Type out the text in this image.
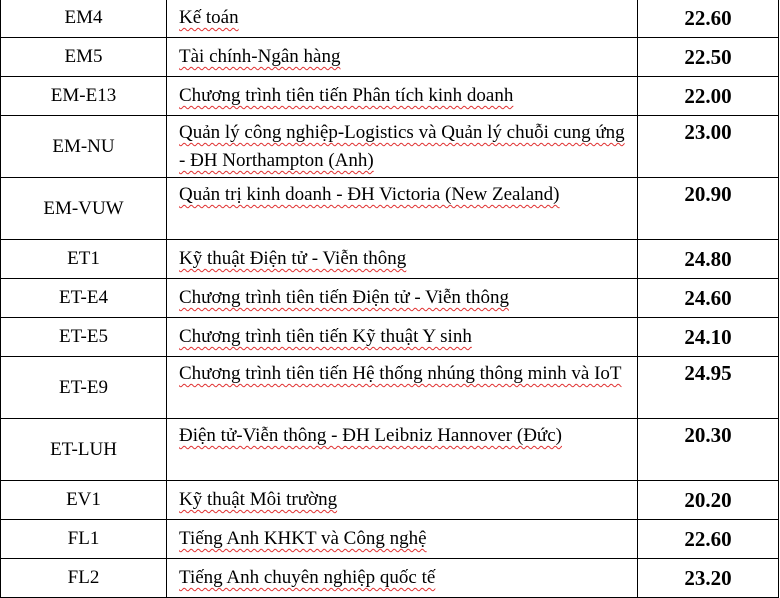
EM4	Kế toán	22.60
EM5	Tài chính-Ngân hàng	22.50
EM-E13	Chương trình tiên tiến Phân tích kinh doanh	22.00
EM-NU	Quản lý công nghiệp-Logistics và Quản lý chuỗi cung ứng - ĐH Northampton (Anh)	23.00
EM-VUW	Quản trị kinh doanh - ĐH Victoria (New Zealand)	20.90
ET1	Kỹ thuật Điện tử - Viễn thông	24.80
ET-E4	Chương trình tiên tiến Điện tử - Viễn thông	24.60
ET-E5	Chương trình tiên tiến Kỹ thuật Y sinh	24.10
ET-E9	Chương trình tiên tiến Hệ thống nhúng thông minh và IoT	24.95
ET-LUH	Điện tử-Viễn thông - ĐH Leibniz Hannover (Đức)	20.30
EV1	Kỹ thuật Môi trường	20.20
FL1	Tiếng Anh KHKT và Công nghệ	22.60
FL2	Tiếng Anh chuyên nghiệp quốc tế	23.20
